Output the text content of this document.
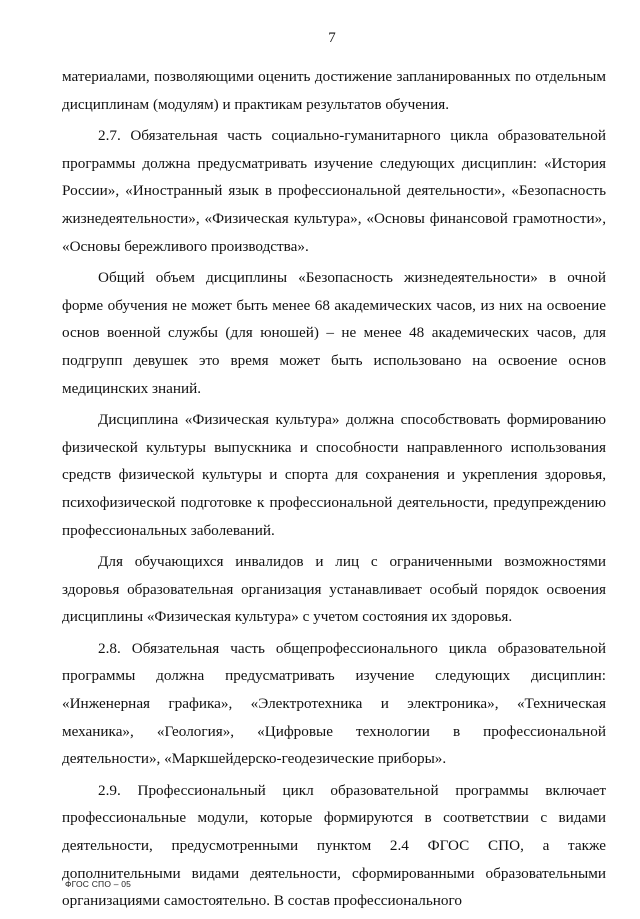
7

материалами, позволяющими оценить достижение запланированных по отдельным дисциплинам (модулям) и практикам результатов обучения.

2.7. Обязательная часть социально-гуманитарного цикла образовательной программы должна предусматривать изучение следующих дисциплин: «История России», «Иностранный язык в профессиональной деятельности», «Безопасность жизнедеятельности», «Физическая культура», «Основы финансовой грамотности», «Основы бережливого производства».

Общий объем дисциплины «Безопасность жизнедеятельности» в очной форме обучения не может быть менее 68 академических часов, из них на освоение основ военной службы (для юношей) – не менее 48 академических часов, для подгрупп девушек это время может быть использовано на освоение основ медицинских знаний.

Дисциплина «Физическая культура» должна способствовать формированию физической культуры выпускника и способности направленного использования средств физической культуры и спорта для сохранения и укрепления здоровья, психофизической подготовке к профессиональной деятельности, предупреждению профессиональных заболеваний.

Для обучающихся инвалидов и лиц с ограниченными возможностями здоровья образовательная организация устанавливает особый порядок освоения дисциплины «Физическая культура» с учетом состояния их здоровья.

2.8. Обязательная часть общепрофессионального цикла образовательной программы должна предусматривать изучение следующих дисциплин: «Инженерная графика», «Электротехника и электроника», «Техническая механика», «Геология», «Цифровые технологии в профессиональной деятельности», «Маркшейдерско-геодезические приборы».

2.9. Профессиональный цикл образовательной программы включает профессиональные модули, которые формируются в соответствии с видами деятельности, предусмотренными пунктом 2.4 ФГОС СПО, а также дополнительными видами деятельности, сформированными образовательными организациями самостоятельно. В состав профессионального

ФГОС СПО – 05
